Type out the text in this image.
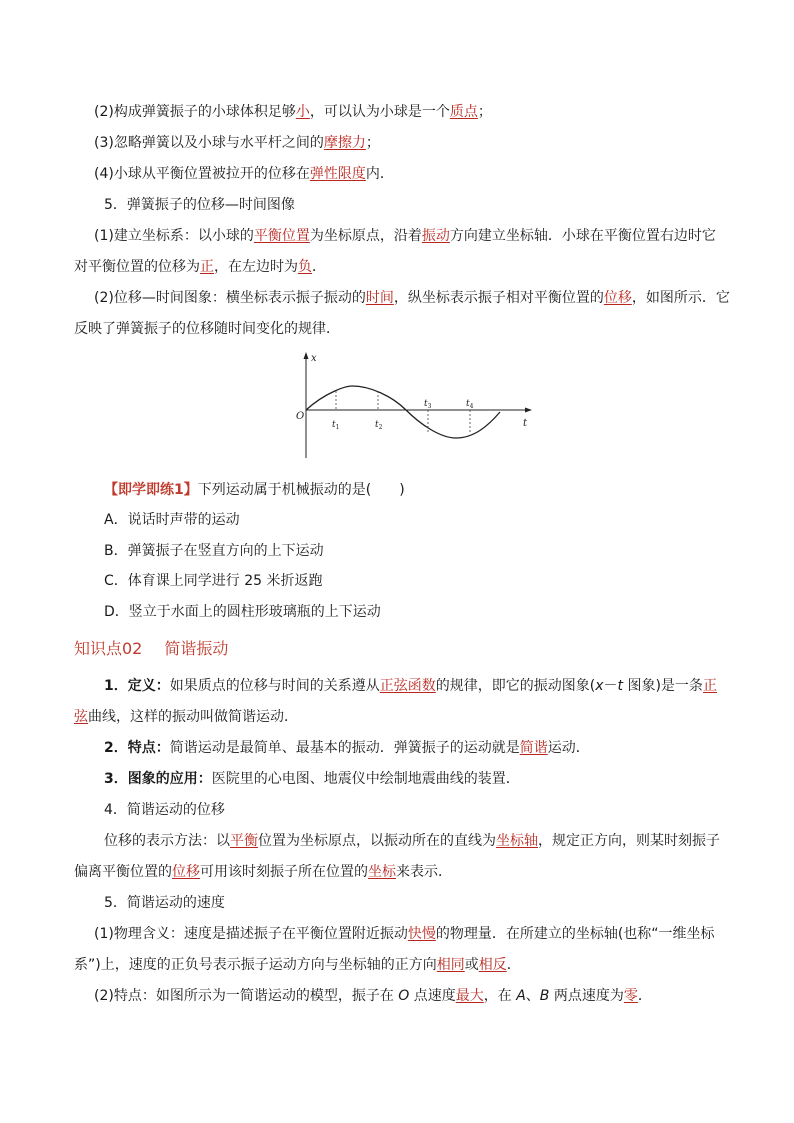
(2)构成弹簧振子的小球体积足够小，可以认为小球是一个质点；
(3)忽略弹簧以及小球与水平杆之间的摩擦力；
(4)小球从平衡位置被拉开的位移在弹性限度内．
5．弹簧振子的位移—时间图像
(1)建立坐标系：以小球的平衡位置为坐标原点，沿着振动方向建立坐标轴．小球在平衡位置右边时它
对平衡位置的位移为正，在左边时为负．
(2)位移—时间图象：横坐标表示振子振动的时间，纵坐标表示振子相对平衡位置的位移，如图所示．它
反映了弹簧振子的位移随时间变化的规律．
x
t
O
$t_1$	$t_2$
$t_3$	$t_4$
【即学即练1】下列运动属于机械振动的是(　　)
A．说话时声带的运动
B．弹簧振子在竖直方向的上下运动
C．体育课上同学进行 25 米折返跑
D．竖立于水面上的圆柱形玻璃瓶的上下运动
知识点02 简谐振动
1．定义：如果质点的位移与时间的关系遵从正弦函数的规律，即它的振动图象(x－t 图象)是一条正
弦曲线，这样的振动叫做简谐运动．
2．特点：简谐运动是最简单、最基本的振动．弹簧振子的运动就是简谐运动．
3．图象的应用：医院里的心电图、地震仪中绘制地震曲线的装置．
4．简谐运动的位移
位移的表示方法：以平衡位置为坐标原点，以振动所在的直线为坐标轴，规定正方向，则某时刻振子
偏离平衡位置的位移可用该时刻振子所在位置的坐标来表示．
5．简谐运动的速度
(1)物理含义：速度是描述振子在平衡位置附近振动快慢的物理量．在所建立的坐标轴(也称“一维坐标
系”)上，速度的正负号表示振子运动方向与坐标轴的正方向相同或相反．
(2)特点：如图所示为一简谐运动的模型，振子在 O 点速度最大，在 A、B 两点速度为零．
